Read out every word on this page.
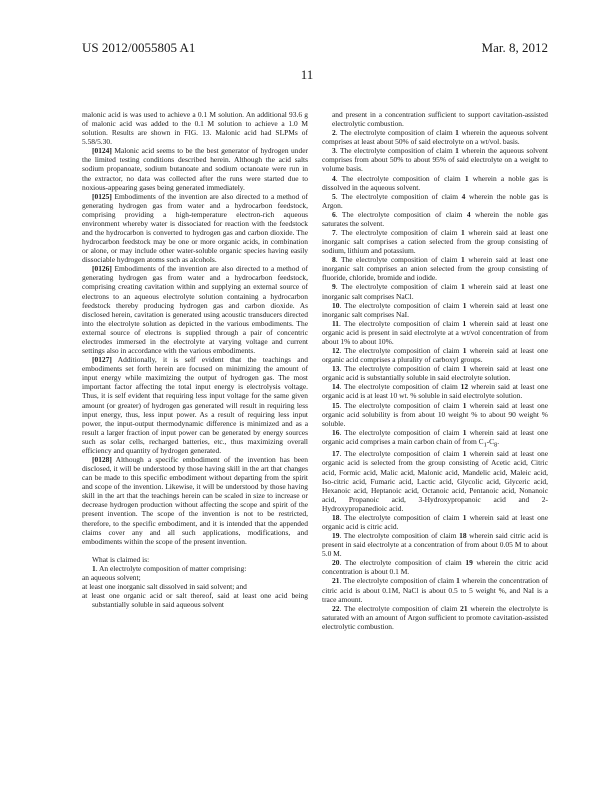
US 2012/0055805 A1	Mar. 8, 2012
11

malonic acid is was used to achieve a 0.1 M solution. An additional 93.6 g of malonic acid was added to the 0.1 M solution to achieve a 1.0 M solution. Results are shown in FIG. 13. Malonic acid had SLPMs of 5.58/5.30.

[0124] Malonic acid seems to be the best generator of hydrogen under the limited testing conditions described herein. Although the acid salts sodium propanoate, sodium butanoate and sodium octanoate were run in the extractor, no data was collected after the runs were started due to noxious-appearing gases being generated immediately.

[0125] Embodiments of the invention are also directed to a method of generating hydrogen gas from water and a hydrocarbon feedstock, comprising providing a high-temperature electron-rich aqueous environment whereby water is dissociated for reaction with the feedstock and the hydrocarbon is converted to hydrogen gas and carbon dioxide. The hydrocarbon feedstock may be one or more organic acids, in combination or alone, or may include other water-soluble organic species having easily dissociable hydrogen atoms such as alcohols.

[0126] Embodiments of the invention are also directed to a method of generating hydrogen gas from water and a hydrocarbon feedstock, comprising creating cavitation within and supplying an external source of electrons to an aqueous electrolyte solution containing a hydrocarbon feedstock thereby producing hydrogen gas and carbon dioxide. As disclosed herein, cavitation is generated using acoustic transducers directed into the electrolyte solution as depicted in the various embodiments. The external source of electrons is supplied through a pair of concentric electrodes immersed in the electrolyte at varying voltage and current settings also in accordance with the various embodiments.

[0127] Additionally, it is self evident that the teachings and embodiments set forth herein are focused on minimizing the amount of input energy while maximizing the output of hydrogen gas. The most important factor affecting the total input energy is electrolysis voltage. Thus, it is self evident that requiring less input voltage for the same given amount (or greater) of hydrogen gas generated will result in requiring less input energy, thus, less input power. As a result of requiring less input power, the input-output thermodynamic difference is minimized and as a result a larger fraction of input power can be generated by energy sources such as solar cells, recharged batteries, etc., thus maximizing overall efficiency and quantity of hydrogen generated.

[0128] Although a specific embodiment of the invention has been disclosed, it will be understood by those having skill in the art that changes can be made to this specific embodiment without departing from the spirit and scope of the invention. Likewise, it will be understood by those having skill in the art that the teachings herein can be scaled in size to increase or decrease hydrogen production without affecting the scope and spirit of the present invention. The scope of the invention is not to be restricted, therefore, to the specific embodiment, and it is intended that the appended claims cover any and all such applications, modifications, and embodiments within the scope of the present invention.

What is claimed is:

1. An electrolyte composition of matter comprising:

an aqueous solvent;

at least one inorganic salt dissolved in said solvent; and

at least one organic acid or salt thereof, said at least one acid being substantially soluble in said aqueous solvent

and present in a concentration sufficient to support cavitation-assisted electrolytic combustion.

2. The electrolyte composition of claim 1 wherein the aqueous solvent comprises at least about 50% of said electrolyte on a wt/vol. basis.

3. The electrolyte composition of claim 1 wherein the aqueous solvent comprises from about 50% to about 95% of said electrolyte on a weight to volume basis.

4. The electrolyte composition of claim 1 wherein a noble gas is dissolved in the aqueous solvent.

5. The electrolyte composition of claim 4 wherein the noble gas is Argon.

6. The electrolyte composition of claim 4 wherein the noble gas saturates the solvent.

7. The electrolyte composition of claim 1 wherein said at least one inorganic salt comprises a cation selected from the group consisting of sodium, lithium and potassium.

8. The electrolyte composition of claim 1 wherein said at least one inorganic salt comprises an anion selected from the group consisting of fluoride, chloride, bromide and iodide.

9. The electrolyte composition of claim 1 wherein said at least one inorganic salt comprises NaCl.

10. The electrolyte composition of claim 1 wherein said at least one inorganic salt comprises NaI.

11. The electrolyte composition of claim 1 wherein said at least one organic acid is present in said electrolyte at a wt/vol concentration of from about 1% to about 10%.

12. The electrolyte composition of claim 1 wherein said at least one organic acid comprises a plurality of carboxyl groups.

13. The electrolyte composition of claim 1 wherein said at least one organic acid is substantially soluble in said electrolyte solution.

14. The electrolyte composition of claim 12 wherein said at least one organic acid is at least 10 wt. % soluble in said electrolyte solution.

15. The electrolyte composition of claim 1 wherein said at least one organic acid solubility is from about 10 weight % to about 90 weight % soluble.

16. The electrolyte composition of claim 1 wherein said at least one organic acid comprises a main carbon chain of from $C_1-C_8$.

17. The electrolyte composition of claim 1 wherein said at least one organic acid is selected from the group consisting of Acetic acid, Citric acid, Formic acid, Malic acid, Malonic acid, Mandelic acid, Maleic acid, Iso-citric acid, Fumaric acid, Lactic acid, Glycolic acid, Glyceric acid, Hexanoic acid, Heptanoic acid, Octanoic acid, Pentanoic acid, Nonanoic acid, Propanoic acid, 3-Hydroxypropanoic acid and 2-Hydroxypropanedioic acid.

18. The electrolyte composition of claim 1 wherein said at least one organic acid is citric acid.

19. The electrolyte composition of claim 18 wherein said citric acid is present in said electrolyte at a concentration of from about 0.05 M to about 5.0 M.

20. The electrolyte composition of claim 19 wherein the citric acid concentration is about 0.1 M.

21. The electrolyte composition of claim 1 wherein the concentration of citric acid is about 0.1M, NaCl is about 0.5 to 5 weight %, and NaI is a trace amount.

22. The electrolyte composition of claim 21 wherein the electrolyte is saturated with an amount of Argon sufficient to promote cavitation-assisted electrolytic combustion.
